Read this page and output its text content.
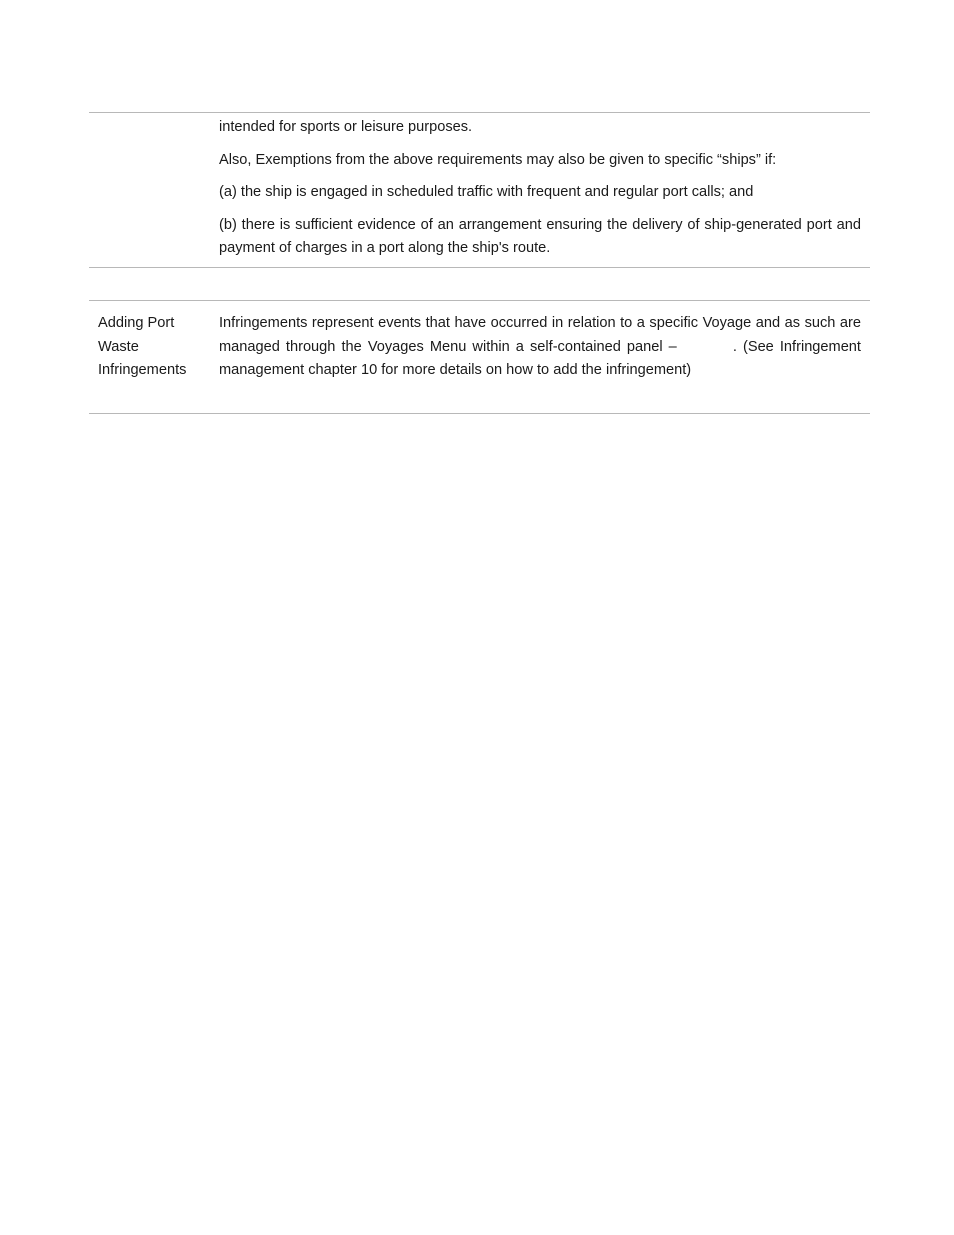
intended for sports or leisure purposes.

Also, Exemptions from the above requirements may also be given to specific “ships” if:

(a) the ship is engaged in scheduled traffic with frequent and regular port calls; and

(b) there is sufficient evidence of an arrangement ensuring the delivery of ship-generated port and payment of charges in a port along the ship's route.

Adding Port
Waste
Infringements

Infringements represent events that have occurred in relation to a specific Voyage and as such are managed through the Voyages Menu within a self-contained panel –	. (See Infringement management chapter 10 for more details on how to add the infringement)
